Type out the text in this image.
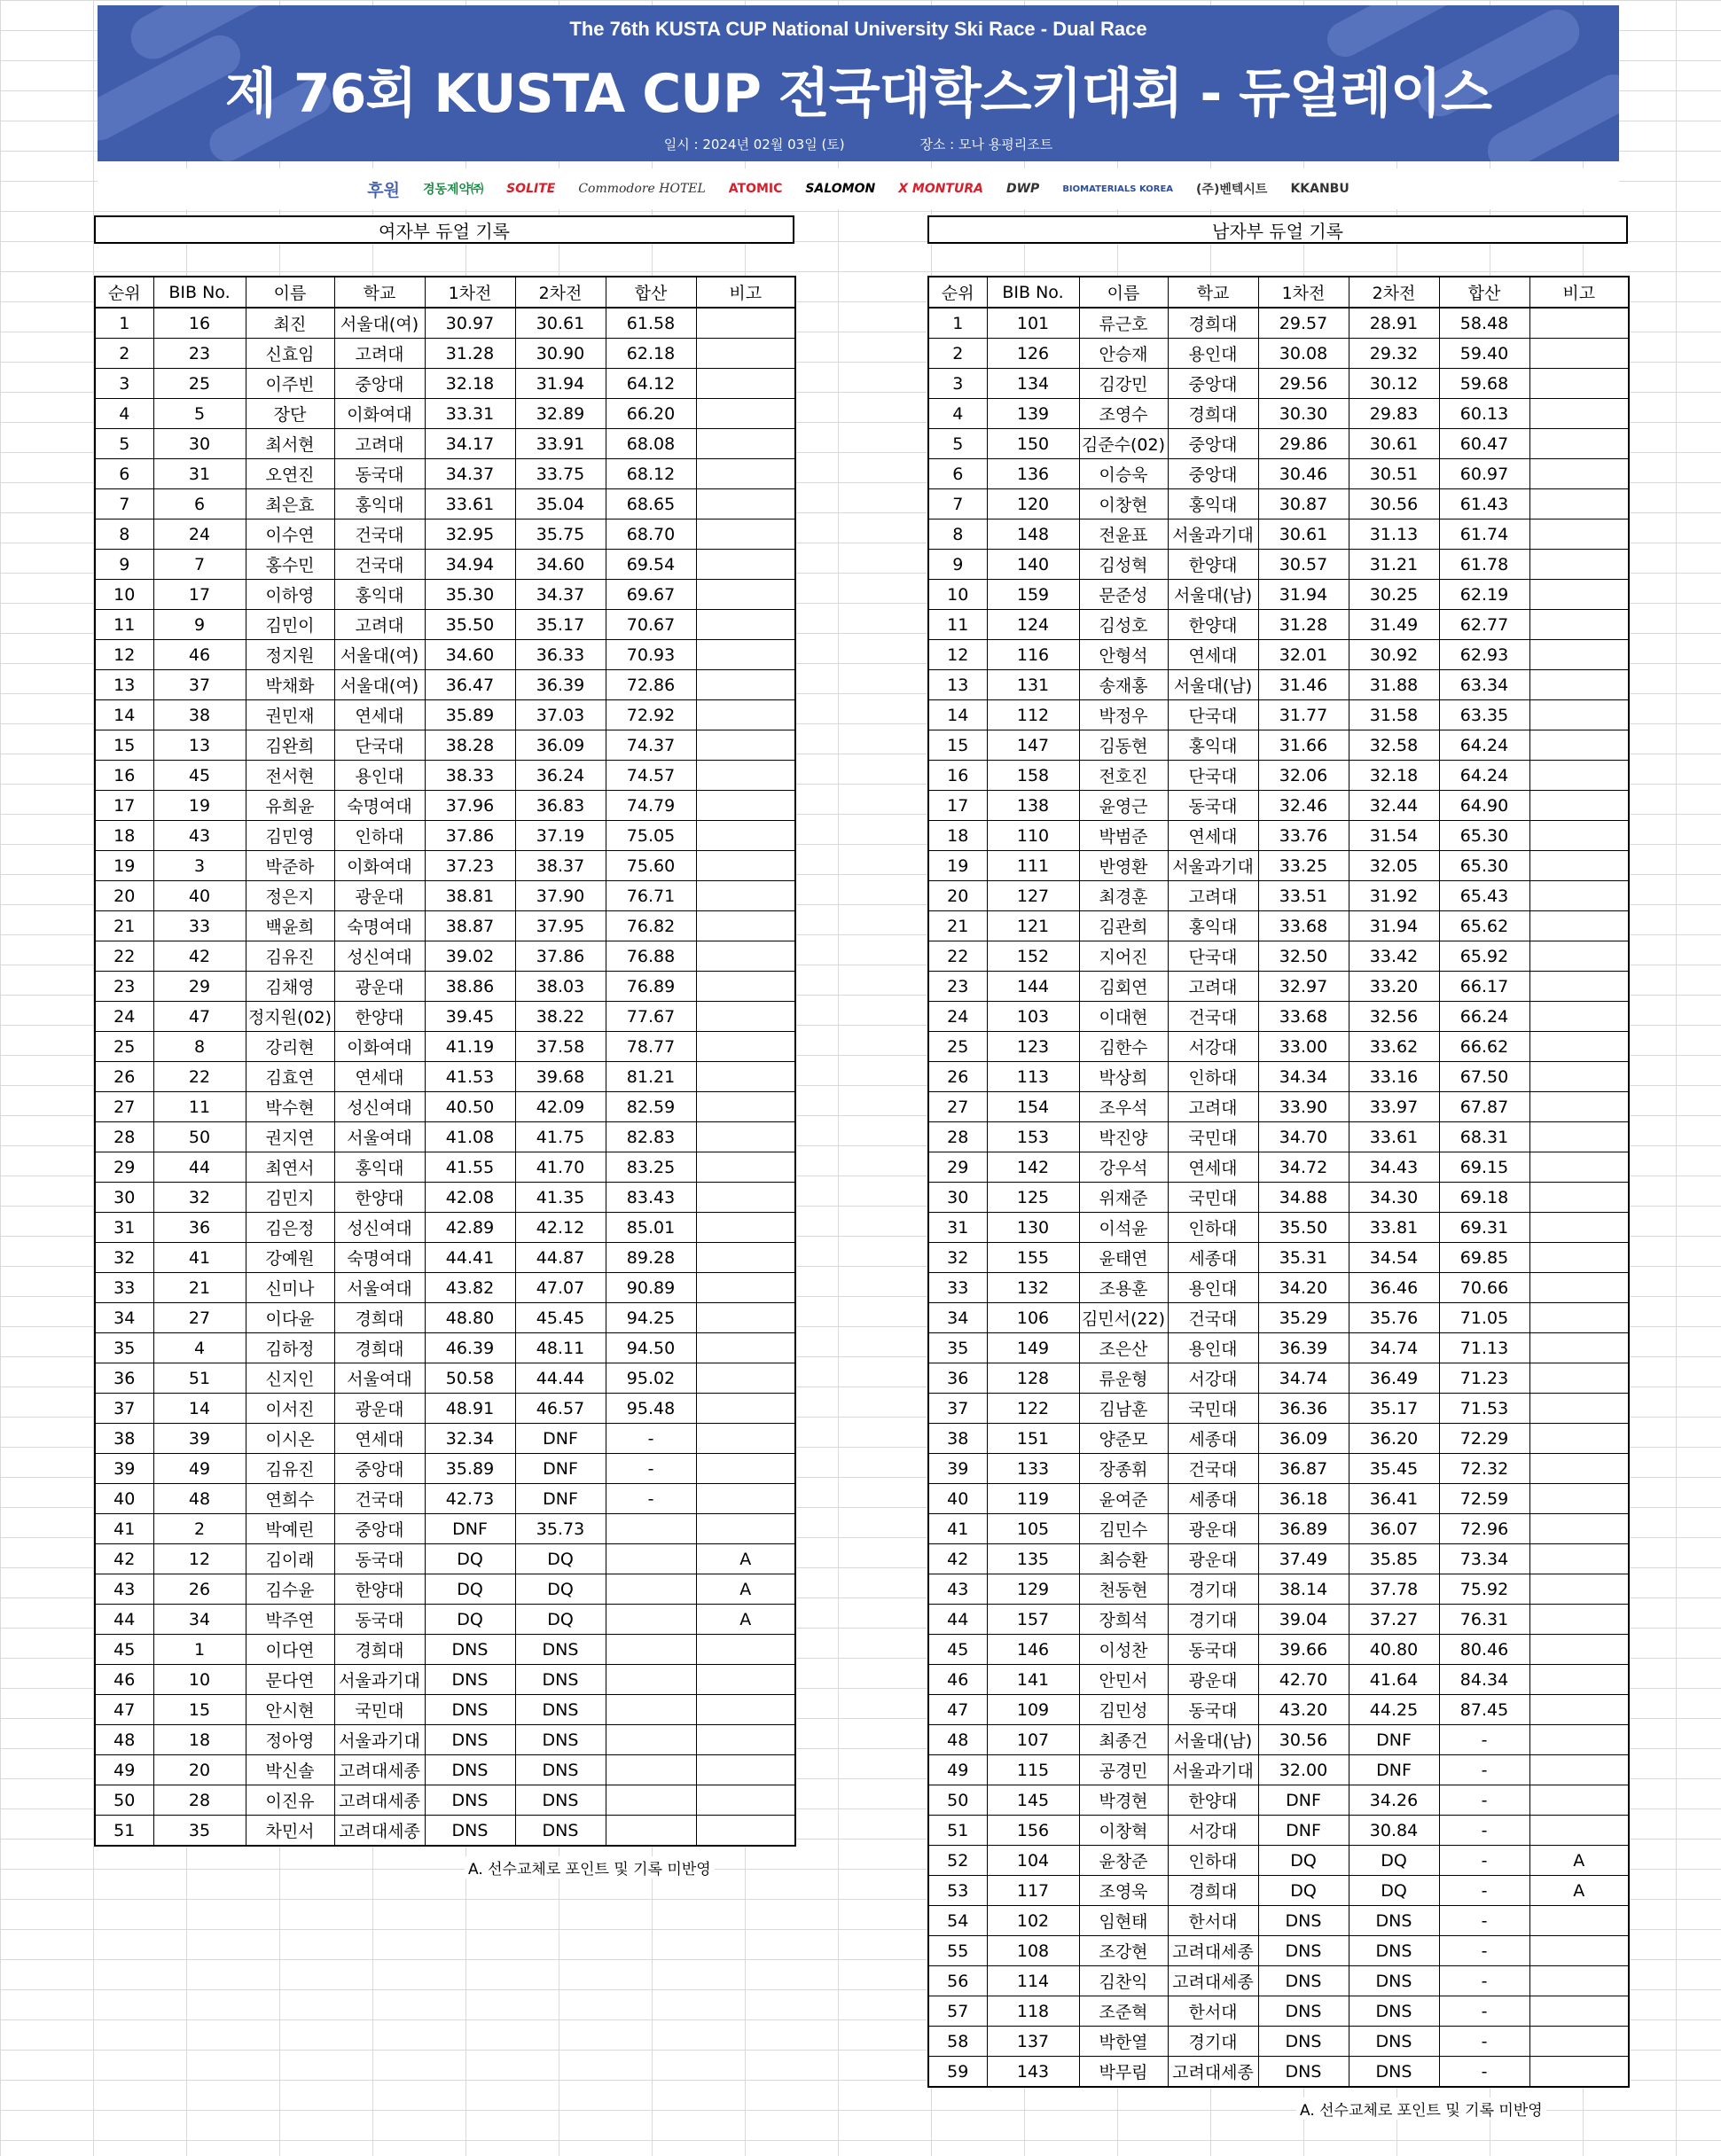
The 76th KUSTA CUP National University Ski Race - Dual Race
제 76회 KUSTA CUP 전국대학스키대회 - 듀얼레이스
일시 : 2024년 02월 03일 (토)	장소 : 모나 용평리조트
후원 경동제약㈜ SOLITE Commodore HOTEL ATOMIC SALOMON X MONTURA DWP	BIOMATERIALS KOREA (주)벤텍시트 KKANBU
여자부 듀얼 기록	남자부 듀얼 기록
순위	BIB No.	이름	학교	1차전	2차전	합산	비고
1	16	최진	서울대(여)	30.97	30.61	61.58	
2	23	신효임	고려대	31.28	30.90	62.18	
3	25	이주빈	중앙대	32.18	31.94	64.12	
4	5	장단	이화여대	33.31	32.89	66.20	
5	30	최서현	고려대	34.17	33.91	68.08	
6	31	오연진	동국대	34.37	33.75	68.12	
7	6	최은효	홍익대	33.61	35.04	68.65	
8	24	이수연	건국대	32.95	35.75	68.70	
9	7	홍수민	건국대	34.94	34.60	69.54	
10	17	이하영	홍익대	35.30	34.37	69.67	
11	9	김민이	고려대	35.50	35.17	70.67	
12	46	정지원	서울대(여)	34.60	36.33	70.93	
13	37	박채화	서울대(여)	36.47	36.39	72.86	
14	38	권민재	연세대	35.89	37.03	72.92	
15	13	김완희	단국대	38.28	36.09	74.37	
16	45	전서현	용인대	38.33	36.24	74.57	
17	19	유희윤	숙명여대	37.96	36.83	74.79	
18	43	김민영	인하대	37.86	37.19	75.05	
19	3	박준하	이화여대	37.23	38.37	75.60	
20	40	정은지	광운대	38.81	37.90	76.71	
21	33	백윤희	숙명여대	38.87	37.95	76.82	
22	42	김유진	성신여대	39.02	37.86	76.88	
23	29	김채영	광운대	38.86	38.03	76.89	
24	47	정지원(02)	한양대	39.45	38.22	77.67	
25	8	강리현	이화여대	41.19	37.58	78.77	
26	22	김효연	연세대	41.53	39.68	81.21	
27	11	박수현	성신여대	40.50	42.09	82.59	
28	50	권지연	서울여대	41.08	41.75	82.83	
29	44	최연서	홍익대	41.55	41.70	83.25	
30	32	김민지	한양대	42.08	41.35	83.43	
31	36	김은정	성신여대	42.89	42.12	85.01	
32	41	강예원	숙명여대	44.41	44.87	89.28	
33	21	신미나	서울여대	43.82	47.07	90.89	
34	27	이다윤	경희대	48.80	45.45	94.25	
35	4	김하정	경희대	46.39	48.11	94.50	
36	51	신지인	서울여대	50.58	44.44	95.02	
37	14	이서진	광운대	48.91	46.57	95.48	
38	39	이시온	연세대	32.34	DNF	-	
39	49	김유진	중앙대	35.89	DNF	-	
40	48	연희수	건국대	42.73	DNF	-	
41	2	박예린	중앙대	DNF	35.73		
42	12	김이래	동국대	DQ	DQ		A
43	26	김수윤	한양대	DQ	DQ		A
44	34	박주연	동국대	DQ	DQ		A
45	1	이다연	경희대	DNS	DNS		
46	10	문다연	서울과기대	DNS	DNS		
47	15	안시현	국민대	DNS	DNS		
48	18	정아영	서울과기대	DNS	DNS		
49	20	박신솔	고려대세종	DNS	DNS		
50	28	이진유	고려대세종	DNS	DNS		
51	35	차민서	고려대세종	DNS	DNS		
순위	BIB No.	이름	학교	1차전	2차전	합산	비고
1	101	류근호	경희대	29.57	28.91	58.48	
2	126	안승재	용인대	30.08	29.32	59.40	
3	134	김강민	중앙대	29.56	30.12	59.68	
4	139	조영수	경희대	30.30	29.83	60.13	
5	150	김준수(02)	중앙대	29.86	30.61	60.47	
6	136	이승욱	중앙대	30.46	30.51	60.97	
7	120	이창현	홍익대	30.87	30.56	61.43	
8	148	전윤표	서울과기대	30.61	31.13	61.74	
9	140	김성혁	한양대	30.57	31.21	61.78	
10	159	문준성	서울대(남)	31.94	30.25	62.19	
11	124	김성호	한양대	31.28	31.49	62.77	
12	116	안형석	연세대	32.01	30.92	62.93	
13	131	송재홍	서울대(남)	31.46	31.88	63.34	
14	112	박정우	단국대	31.77	31.58	63.35	
15	147	김동현	홍익대	31.66	32.58	64.24	
16	158	전호진	단국대	32.06	32.18	64.24	
17	138	윤영근	동국대	32.46	32.44	64.90	
18	110	박범준	연세대	33.76	31.54	65.30	
19	111	반영환	서울과기대	33.25	32.05	65.30	
20	127	최경훈	고려대	33.51	31.92	65.43	
21	121	김관희	홍익대	33.68	31.94	65.62	
22	152	지어진	단국대	32.50	33.42	65.92	
23	144	김회연	고려대	32.97	33.20	66.17	
24	103	이대현	건국대	33.68	32.56	66.24	
25	123	김한수	서강대	33.00	33.62	66.62	
26	113	박상희	인하대	34.34	33.16	67.50	
27	154	조우석	고려대	33.90	33.97	67.87	
28	153	박진양	국민대	34.70	33.61	68.31	
29	142	강우석	연세대	34.72	34.43	69.15	
30	125	위재준	국민대	34.88	34.30	69.18	
31	130	이석윤	인하대	35.50	33.81	69.31	
32	155	윤태연	세종대	35.31	34.54	69.85	
33	132	조용훈	용인대	34.20	36.46	70.66	
34	106	김민서(22)	건국대	35.29	35.76	71.05	
35	149	조은산	용인대	36.39	34.74	71.13	
36	128	류운형	서강대	34.74	36.49	71.23	
37	122	김남훈	국민대	36.36	35.17	71.53	
38	151	양준모	세종대	36.09	36.20	72.29	
39	133	장종휘	건국대	36.87	35.45	72.32	
40	119	윤여준	세종대	36.18	36.41	72.59	
41	105	김민수	광운대	36.89	36.07	72.96	
42	135	최승환	광운대	37.49	35.85	73.34	
43	129	천동현	경기대	38.14	37.78	75.92	
44	157	장희석	경기대	39.04	37.27	76.31	
45	146	이성찬	동국대	39.66	40.80	80.46	
46	141	안민서	광운대	42.70	41.64	84.34	
47	109	김민성	동국대	43.20	44.25	87.45	
48	107	최종건	서울대(남)	30.56	DNF	-	
49	115	공경민	서울과기대	32.00	DNF	-	
50	145	박경현	한양대	DNF	34.26	-	
51	156	이창혁	서강대	DNF	30.84	-	
52	104	윤창준	인하대	DQ	DQ	-	A
53	117	조영욱	경희대	DQ	DQ	-	A
54	102	임현태	한서대	DNS	DNS	-	
55	108	조강현	고려대세종	DNS	DNS	-	
56	114	김찬익	고려대세종	DNS	DNS	-	
57	118	조준혁	한서대	DNS	DNS	-	
58	137	박한열	경기대	DNS	DNS	-	
59	143	박무림	고려대세종	DNS	DNS	-	
A. 선수교체로 포인트 및 기록 미반영
A. 선수교체로 포인트 및 기록 미반영
